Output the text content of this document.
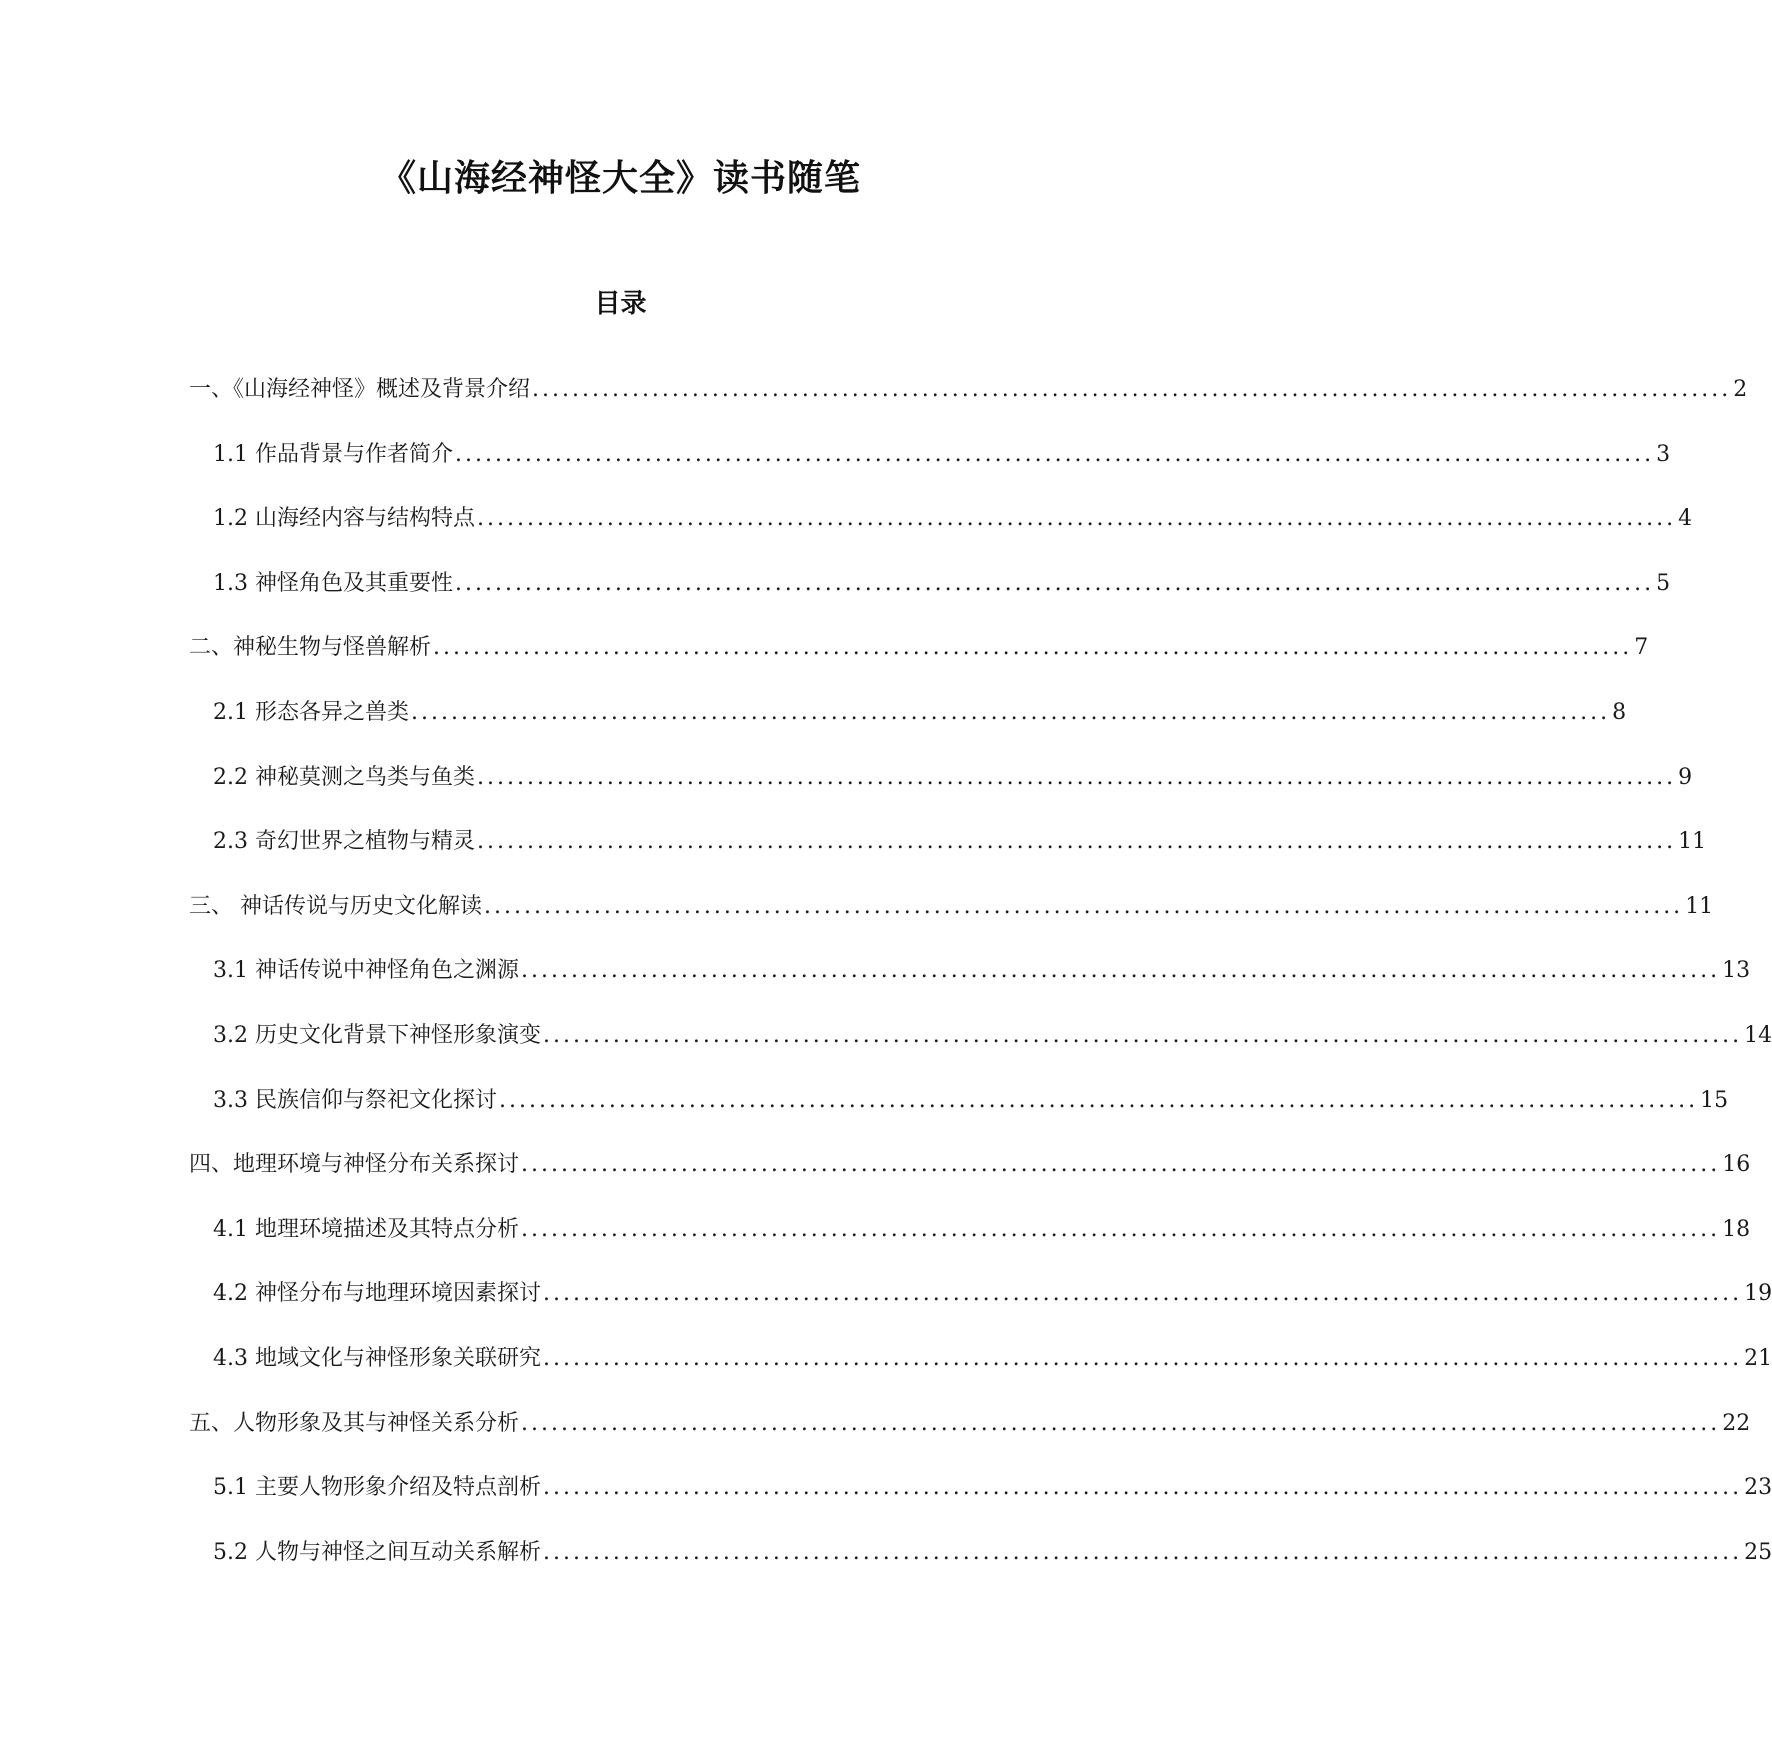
《山海经神怪大全》读书随笔
目录
一、《山海经神怪》概述及背景介绍 ........................................................................................................................ 2
1.1 作品背景与作者简介 ........................................................................................................................ 3
1.2 山海经内容与结构特点 ........................................................................................................................ 4
1.3 神怪角色及其重要性 ........................................................................................................................ 5
二、神秘生物与怪兽解析 ........................................................................................................................ 7
2.1 形态各异之兽类 ........................................................................................................................ 8
2.2 神秘莫测之鸟类与鱼类 ........................................................................................................................ 9
2.3 奇幻世界之植物与精灵 ........................................................................................................................ 11
三、 神话传说与历史文化解读 ........................................................................................................................ 11
3.1 神话传说中神怪角色之渊源 ........................................................................................................................ 13
3.2 历史文化背景下神怪形象演变 ........................................................................................................................ 14
3.3 民族信仰与祭祀文化探讨 ........................................................................................................................ 15
四、地理环境与神怪分布关系探讨 ........................................................................................................................ 16
4.1 地理环境描述及其特点分析 ........................................................................................................................ 18
4.2 神怪分布与地理环境因素探讨 ........................................................................................................................ 19
4.3 地域文化与神怪形象关联研究 ........................................................................................................................ 21
五、人物形象及其与神怪关系分析 ........................................................................................................................ 22
5.1 主要人物形象介绍及特点剖析 ........................................................................................................................ 23
5.2 人物与神怪之间互动关系解析 ........................................................................................................................ 25
